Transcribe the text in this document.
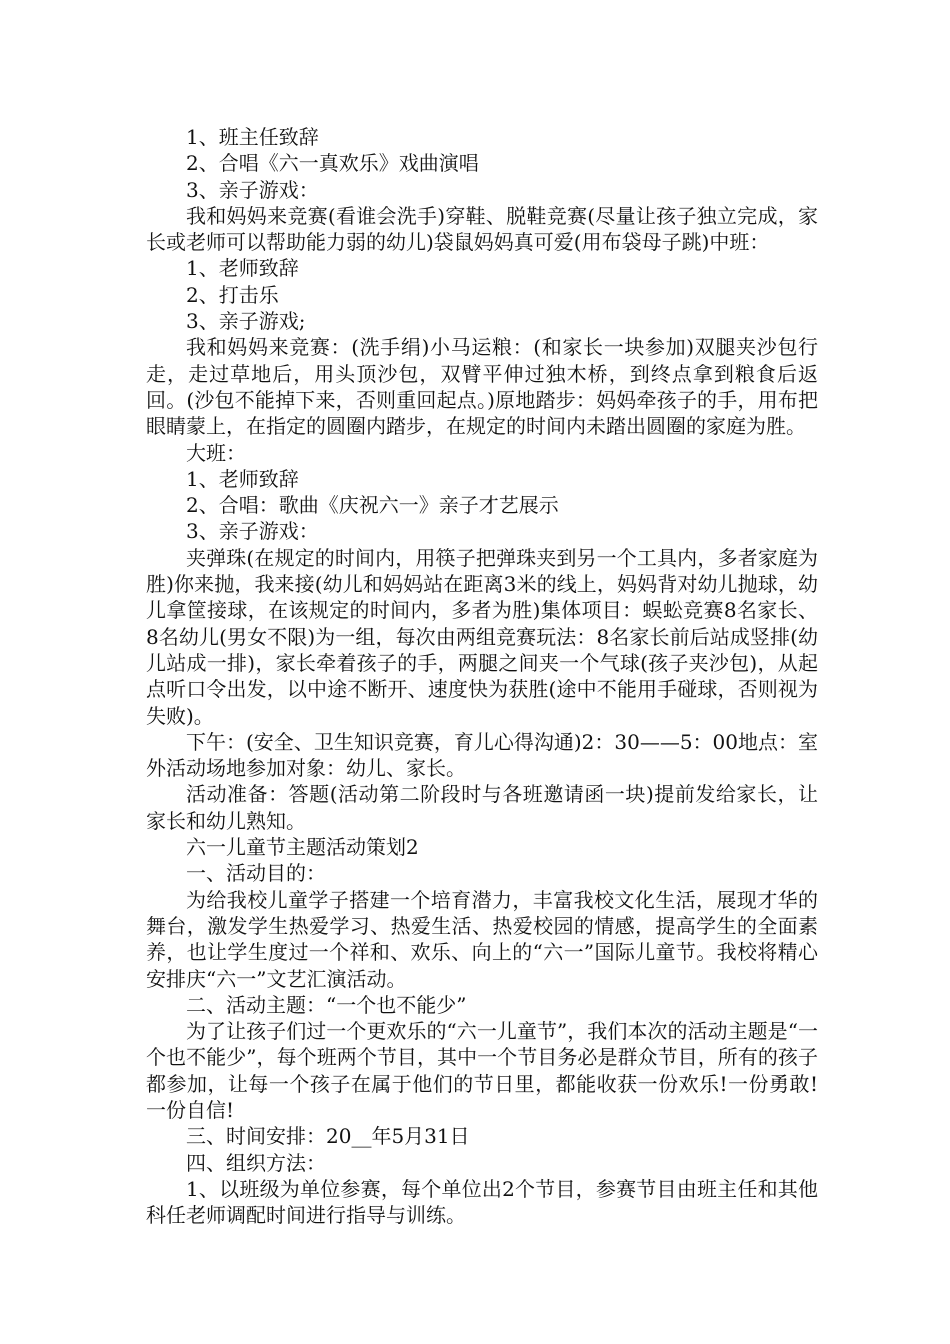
1、班主任致辞

2、合唱《六一真欢乐》戏曲演唱

3、亲子游戏：

我和妈妈来竞赛(看谁会洗手)穿鞋、脱鞋竞赛(尽量让孩子独立完成，家长或老师可以帮助能力弱的幼儿)袋鼠妈妈真可爱(用布袋母子跳)中班：

1、老师致辞

2、打击乐

3、亲子游戏;

我和妈妈来竞赛：(洗手绢)小马运粮：(和家长一块参加)双腿夹沙包行走，走过草地后，用头顶沙包，双臂平伸过独木桥，到终点拿到粮食后返回。(沙包不能掉下来，否则重回起点。)原地踏步：妈妈牵孩子的手，用布把眼睛蒙上，在指定的圆圈内踏步，在规定的时间内未踏出圆圈的家庭为胜。

大班：

1、老师致辞

2、合唱：歌曲《庆祝六一》亲子才艺展示

3、亲子游戏：

夹弹珠(在规定的时间内，用筷子把弹珠夹到另一个工具内，多者家庭为胜)你来抛，我来接(幼儿和妈妈站在距离3米的线上，妈妈背对幼儿抛球，幼儿拿筐接球，在该规定的时间内，多者为胜)集体项目：蜈蚣竞赛8名家长、8名幼儿(男女不限)为一组，每次由两组竞赛玩法：8名家长前后站成竖排(幼儿站成一排)，家长牵着孩子的手，两腿之间夹一个气球(孩子夹沙包)，从起点听口令出发，以中途不断开、速度快为获胜(途中不能用手碰球，否则视为失败)。

下午：(安全、卫生知识竞赛，育儿心得沟通)2：30——5：00地点：室外活动场地参加对象：幼儿、家长。

活动准备：答题(活动第二阶段时与各班邀请函一块)提前发给家长，让家长和幼儿熟知。

六一儿童节主题活动策划2

一、活动目的：

为给我校儿童学子搭建一个培育潜力，丰富我校文化生活，展现才华的舞台，激发学生热爱学习、热爱生活、热爱校园的情感，提高学生的全面素养，也让学生度过一个祥和、欢乐、向上的“六一”国际儿童节。我校将精心安排庆“六一”文艺汇演活动。

二、活动主题：“一个也不能少”

为了让孩子们过一个更欢乐的“六一儿童节”，我们本次的活动主题是“一个也不能少”，每个班两个节目，其中一个节目务必是群众节目，所有的孩子都参加，让每一个孩子在属于他们的节日里，都能收获一份欢乐!一份勇敢!一份自信!

三、时间安排：20__年5月31日

四、组织方法：

1、以班级为单位参赛，每个单位出2个节目，参赛节目由班主任和其他科任老师调配时间进行指导与训练。
